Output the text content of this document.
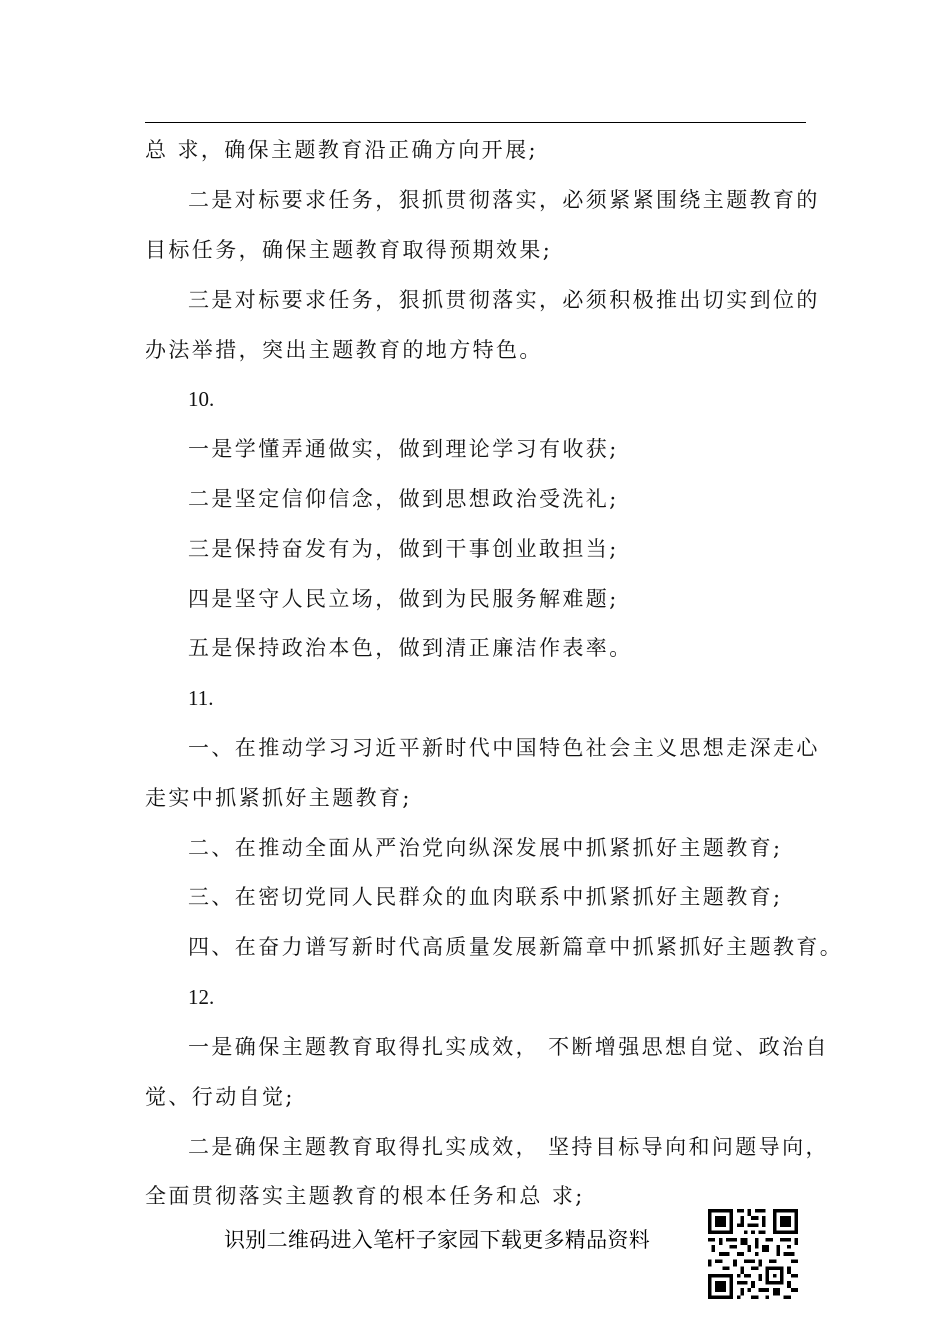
总 求，确保主题教育沿正确方向开展;
二是对标要求任务，狠抓贯彻落实，必须紧紧围绕主题教育的
目标任务，确保主题教育取得预期效果;
三是对标要求任务，狠抓贯彻落实，必须积极推出切实到位的
办法举措，突出主题教育的地方特色。
10.
一是学懂弄通做实，做到理论学习有收获;
二是坚定信仰信念，做到思想政治受洗礼;
三是保持奋发有为，做到干事创业敢担当;
四是坚守人民立场，做到为民服务解难题;
五是保持政治本色，做到清正廉洁作表率。
11.
一、在推动学习习近平新时代中国特色社会主义思想走深走心
走实中抓紧抓好主题教育;
二、在推动全面从严治党向纵深发展中抓紧抓好主题教育;
三、在密切党同人民群众的血肉联系中抓紧抓好主题教育;
四、在奋力谱写新时代高质量发展新篇章中抓紧抓好主题教育。
12.
一是确保主题教育取得扎实成效， 不断增强思想自觉、政治自
觉、行动自觉;
二是确保主题教育取得扎实成效， 坚持目标导向和问题导向，
全面贯彻落实主题教育的根本任务和总 求;
识别二维码进入笔杆子家园下载更多精品资料
